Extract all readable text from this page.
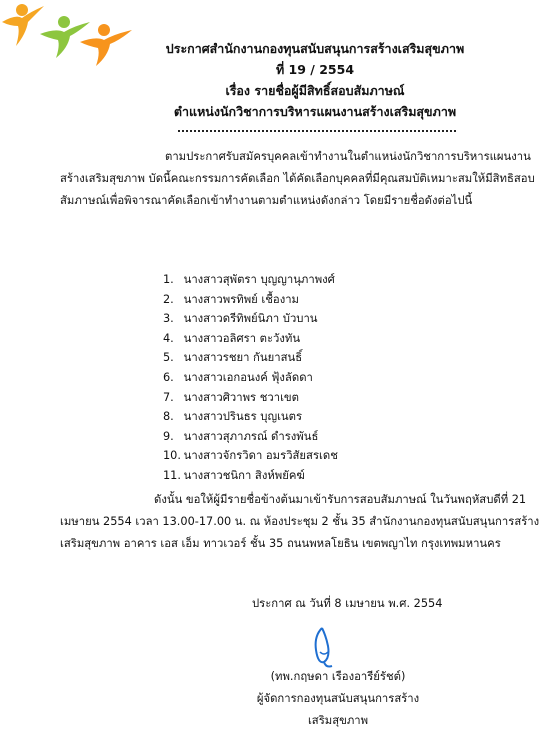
ประกาศสำนักงานกองทุนสนับสนุนการสร้างเสริมสุขภาพ
ที่ 19 / 2554
เรื่อง รายชื่อผู้มีสิทธิ์สอบสัมภาษณ์
ตำแหน่งนักวิชาการบริหารแผนงานสร้างเสริมสุขภาพ
ตามประกาศรับสมัครบุคคลเข้าทำงานในตำแหน่งนักวิชาการบริหารแผนงานสร้างเสริมสุขภาพ บัดนี้คณะกรรมการคัดเลือก ได้คัดเลือกบุคคลที่มีคุณสมบัติเหมาะสมให้มีสิทธิสอบสัมภาษณ์เพื่อพิจารณาคัดเลือกเข้าทำงานตามตำแหน่งดังกล่าว โดยมีรายชื่อดังต่อไปนี้
1. นางสาวสุพัตรา บุญญานุภาพงศ์
2. นางสาวพรทิพย์ เชื้องาม
3. นางสาวดรีทิพย์นิภา บัวบาน
4. นางสาวอลิศรา ตะวังทัน
5. นางสาวรชยา กันยาสนธิ์
6. นางสาวเอกอนงค์ ฟุ้งลัดดา
7. นางสาวศิวาพร ชวาเขต
8. นางสาวปรินธร บุญเนตร
9. นางสาวสุภาภรณ์ ดำรงพันธ์
10. นางสาวจักรวิดา อมรวิสัยสรเดช
11. นางสาวชนิกา สิงห์พยัคฆ์
ดังนั้น ขอให้ผู้มีรายชื่อข้างต้นมาเข้ารับการสอบสัมภาษณ์ ในวันพฤหัสบดีที่ 21 เมษายน 2554 เวลา 13.00-17.00 น. ณ ห้องประชุม 2 ชั้น 35 สำนักงานกองทุนสนับสนุนการสร้างเสริมสุขภาพ อาคาร เอส เอ็ม ทาวเวอร์ ชั้น 35 ถนนพหลโยธิน เขตพญาไท กรุงเทพมหานคร
ประกาศ ณ วันที่ 8 เมษายน พ.ศ. 2554
(ทพ.กฤษดา เรืองอารีย์รัชต์)
ผู้จัดการกองทุนสนับสนุนการสร้างเสริมสุขภาพ
